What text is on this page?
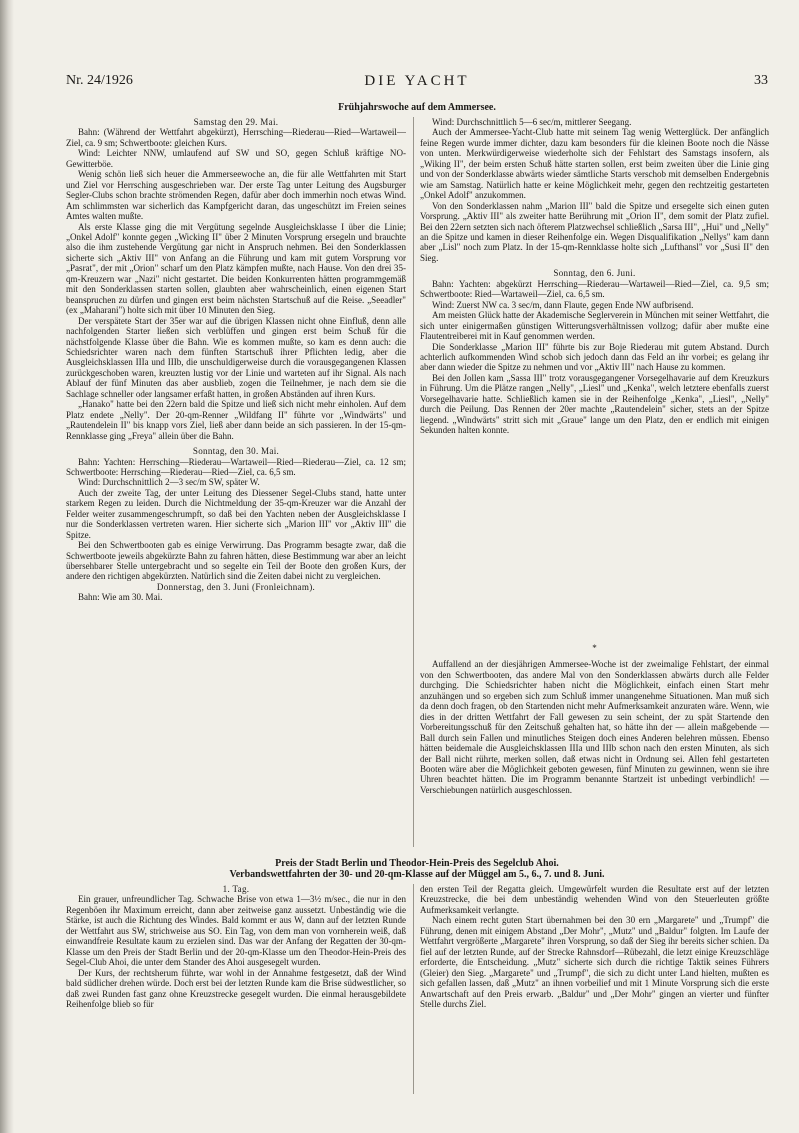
Nr. 24/1926	DIE YACHT	33
Frühjahrswoche auf dem Ammersee.

Samstag den 29. Mai.

Bahn: (Während der Wettfahrt abgekürzt), Herrsching—Riederau—Ried—Wartaweil—Ziel, ca. 9 sm; Schwertboote: gleichen Kurs.

Wind: Leichter NNW, umlaufend auf SW und SO, gegen Schluß kräftige NO-Gewitterböe.

Wenig schön ließ sich heuer die Ammerseewoche an, die für alle Wettfahrten mit Start und Ziel vor Herrsching ausgeschrieben war. Der erste Tag unter Leitung des Augsburger Segler-Clubs schon brachte strömenden Regen, dafür aber doch immerhin noch etwas Wind. Am schlimmsten war sicherlich das Kampfgericht daran, das ungeschützt im Freien seines Amtes walten mußte.

Als erste Klasse ging die mit Vergütung segelnde Ausgleichsklasse I über die Linie; „Onkel Adolf" konnte gegen „Wicking II" über 2 Minuten Vorsprung ersegeln und brauchte also die ihm zustehende Vergütung gar nicht in Anspruch nehmen. Bei den Sonderklassen sicherte sich „Aktiv III" von Anfang an die Führung und kam mit gutem Vorsprung vor „Pasrat", der mit „Orion" scharf um den Platz kämpfen mußte, nach Hause. Von den drei 35-qm-Kreuzern war „Nazi" nicht gestartet. Die beiden Konkurrenten hätten programmgemäß mit den Sonderklassen starten sollen, glaubten aber wahrscheinlich, einen eigenen Start beanspruchen zu dürfen und gingen erst beim nächsten Startschuß auf die Reise. „Seeadler" (ex „Maharani") holte sich mit über 10 Minuten den Sieg.

Der verspätete Start der 35er war auf die übrigen Klassen nicht ohne Einfluß, denn alle nachfolgenden Starter ließen sich verblüffen und gingen erst beim Schuß für die nächstfolgende Klasse über die Bahn. Wie es kommen mußte, so kam es denn auch: die Schiedsrichter waren nach dem fünften Startschuß ihrer Pflichten ledig, aber die Ausgleichsklassen IIIa und IIIb, die unschuldigerweise durch die vorausgegangenen Klassen zurückgeschoben waren, kreuzten lustig vor der Linie und warteten auf ihr Signal. Als nach Ablauf der fünf Minuten das aber ausblieb, zogen die Teilnehmer, je nach dem sie die Sachlage schneller oder langsamer erfaßt hatten, in großen Abständen auf ihren Kurs.

„Hanako" hatte bei den 22ern bald die Spitze und ließ sich nicht mehr einholen. Auf dem Platz endete „Nelly". Der 20-qm-Renner „Wildfang II" führte vor „Windwärts" und „Rautendelein II" bis knapp vors Ziel, ließ aber dann beide an sich passieren. In der 15-qm-Rennklasse ging „Freya" allein über die Bahn.

Sonntag, den 30. Mai.

Bahn: Yachten: Herrsching—Riederau—Wartaweil—Ried—Riederau—Ziel, ca. 12 sm; Schwertboote: Herrsching—Riederau—Ried—Ziel, ca. 6,5 sm.

Wind: Durchschnittlich 2—3 sec/m SW, später W.

Auch der zweite Tag, der unter Leitung des Diessener Segel-Clubs stand, hatte unter starkem Regen zu leiden. Durch die Nichtmeldung der 35-qm-Kreuzer war die Anzahl der Felder weiter zusammengeschrumpft, so daß bei den Yachten neben der Ausgleichsklasse I nur die Sonderklassen vertreten waren. Hier sicherte sich „Marion III" vor „Aktiv III" die Spitze.

Bei den Schwertbooten gab es einige Verwirrung. Das Programm besagte zwar, daß die Schwertboote jeweils abgekürzte Bahn zu fahren hätten, diese Bestimmung war aber an leicht übersehbarer Stelle untergebracht und so segelte ein Teil der Boote den großen Kurs, der andere den richtigen abgekürzten. Natürlich sind die Zeiten dabei nicht zu vergleichen.

Donnerstag, den 3. Juni (Fronleichnam).

Bahn: Wie am 30. Mai.

Wind: Durchschnittlich 5—6 sec/m, mittlerer Seegang.

Auch der Ammersee-Yacht-Club hatte mit seinem Tag wenig Wetterglück. Der anfänglich feine Regen wurde immer dichter, dazu kam besonders für die kleinen Boote noch die Nässe von unten. Merkwürdigerweise wiederholte sich der Fehlstart des Samstags insofern, als „Wiking II", der beim ersten Schuß hätte starten sollen, erst beim zweiten über die Linie ging und von der Sonderklasse abwärts wieder sämtliche Starts verschob mit demselben Endergebnis wie am Samstag. Natürlich hatte er keine Möglichkeit mehr, gegen den rechtzeitig gestarteten „Onkel Adolf" anzukommen.

Von den Sonderklassen nahm „Marion III" bald die Spitze und ersegelte sich einen guten Vorsprung. „Aktiv III" als zweiter hatte Berührung mit „Orion II", dem somit der Platz zufiel. Bei den 22ern setzten sich nach öfterem Platzwechsel schließlich „Sarsa III", „Hui" und „Nelly" an die Spitze und kamen in dieser Reihenfolge ein. Wegen Disqualifikation „Nellys" kam dann aber „Lisl" noch zum Platz. In der 15-qm-Rennklasse holte sich „Lufthansl" vor „Susi II" den Sieg.

Sonntag, den 6. Juni.

Bahn: Yachten: abgekürzt Herrsching—Riederau—Wartaweil—Ried—Ziel, ca. 9,5 sm; Schwertboote: Ried—Wartaweil—Ziel, ca. 6,5 sm.

Wind: Zuerst NW ca. 3 sec/m, dann Flaute, gegen Ende NW aufbrisend.

Am meisten Glück hatte der Akademische Seglerverein in München mit seiner Wettfahrt, die sich unter einigermaßen günstigen Witterungsverhältnissen vollzog; dafür aber mußte eine Flautentreiberei mit in Kauf genommen werden.

Die Sonderklasse „Marion III" führte bis zur Boje Riederau mit gutem Abstand. Durch achterlich aufkommenden Wind schob sich jedoch dann das Feld an ihr vorbei; es gelang ihr aber dann wieder die Spitze zu nehmen und vor „Aktiv III" nach Hause zu kommen.

Bei den Jollen kam „Sassa III" trotz vorausgegangener Vorsegelhavarie auf dem Kreuzkurs in Führung. Um die Plätze rangen „Nelly", „Liesl" und „Kenka", welch letztere ebenfalls zuerst Vorsegelhavarie hatte. Schließlich kamen sie in der Reihenfolge „Kenka", „Liesl", „Nelly" durch die Peilung. Das Rennen der 20er machte „Rautendelein" sicher, stets an der Spitze liegend. „Windwärts" stritt sich mit „Graue" lange um den Platz, den er endlich mit einigen Sekunden halten konnte.

*

Auffallend an der diesjährigen Ammersee-Woche ist der zweimalige Fehlstart, der einmal von den Schwertbooten, das andere Mal von den Sonderklassen abwärts durch alle Felder durchging. Die Schiedsrichter haben nicht die Möglichkeit, einfach einen Start mehr anzuhängen und so ergeben sich zum Schluß immer unangenehme Situationen. Man muß sich da denn doch fragen, ob den Startenden nicht mehr Aufmerksamkeit anzuraten wäre. Wenn, wie dies in der dritten Wettfahrt der Fall gewesen zu sein scheint, der zu spät Startende den Vorbereitungsschuß für den Zeitschuß gehalten hat, so hätte ihn der — allein maßgebende — Ball durch sein Fallen und minutliches Steigen doch eines Anderen belehren müssen. Ebenso hätten beidemale die Ausgleichsklassen IIIa und IIIb schon nach den ersten Minuten, als sich der Ball nicht rührte, merken sollen, daß etwas nicht in Ordnung sei. Allen fehl gestarteten Booten wäre aber die Möglichkeit geboten gewesen, fünf Minuten zu gewinnen, wenn sie ihre Uhren beachtet hätten. Die im Programm benannte Startzeit ist unbedingt verbindlich! — Verschiebungen natürlich ausgeschlossen.

Preis der Stadt Berlin und Theodor-Hein-Preis des Segelclub Ahoi.
Verbandswettfahrten der 30- und 20-qm-Klasse auf der Müggel am 5., 6., 7. und 8. Juni.

1. Tag.

Ein grauer, unfreundlicher Tag. Schwache Brise von etwa 1—3½ m/sec., die nur in den Regenböen ihr Maximum erreicht, dann aber zeitweise ganz aussetzt. Unbeständig wie die Stärke, ist auch die Richtung des Windes. Bald kommt er aus W, dann auf der letzten Runde der Wettfahrt aus SW, strichweise aus SO. Ein Tag, von dem man von vornherein weiß, daß einwandfreie Resultate kaum zu erzielen sind. Das war der Anfang der Regatten der 30-qm-Klasse um den Preis der Stadt Berlin und der 20-qm-Klasse um den Theodor-Hein-Preis des Segel-Club Ahoi, die unter dem Stander des Ahoi ausgesegelt wurden.

Der Kurs, der rechtsherum führte, war wohl in der Annahme festgesetzt, daß der Wind bald südlicher drehen würde. Doch erst bei der letzten Runde kam die Brise südwestlicher, so daß zwei Runden fast ganz ohne Kreuzstrecke gesegelt wurden. Die einmal herausgebildete Reihenfolge blieb so für

den ersten Teil der Regatta gleich. Umgewürfelt wurden die Resultate erst auf der letzten Kreuzstrecke, die bei dem unbeständig wehenden Wind von den Steuerleuten größte Aufmerksamkeit verlangte.

Nach einem recht guten Start übernahmen bei den 30 ern „Margarete" und „Trumpf" die Führung, denen mit einigem Abstand „Der Mohr", „Mutz" und „Baldur" folgten. Im Laufe der Wettfahrt vergrößerte „Margarete" ihren Vorsprung, so daß der Sieg ihr bereits sicher schien. Da fiel auf der letzten Runde, auf der Strecke Rahnsdorf—Rübezahl, die letzt einige Kreuzschläge erforderte, die Entscheidung. „Mutz" sicherte sich durch die richtige Taktik seines Führers (Gleier) den Sieg. „Margarete" und „Trumpf", die sich zu dicht unter Land hielten, mußten es sich gefallen lassen, daß „Mutz" an ihnen vorbeilief und mit 1 Minute Vorsprung sich die erste Anwartschaft auf den Preis erwarb. „Baldur" und „Der Mohr" gingen an vierter und fünfter Stelle durchs Ziel.
